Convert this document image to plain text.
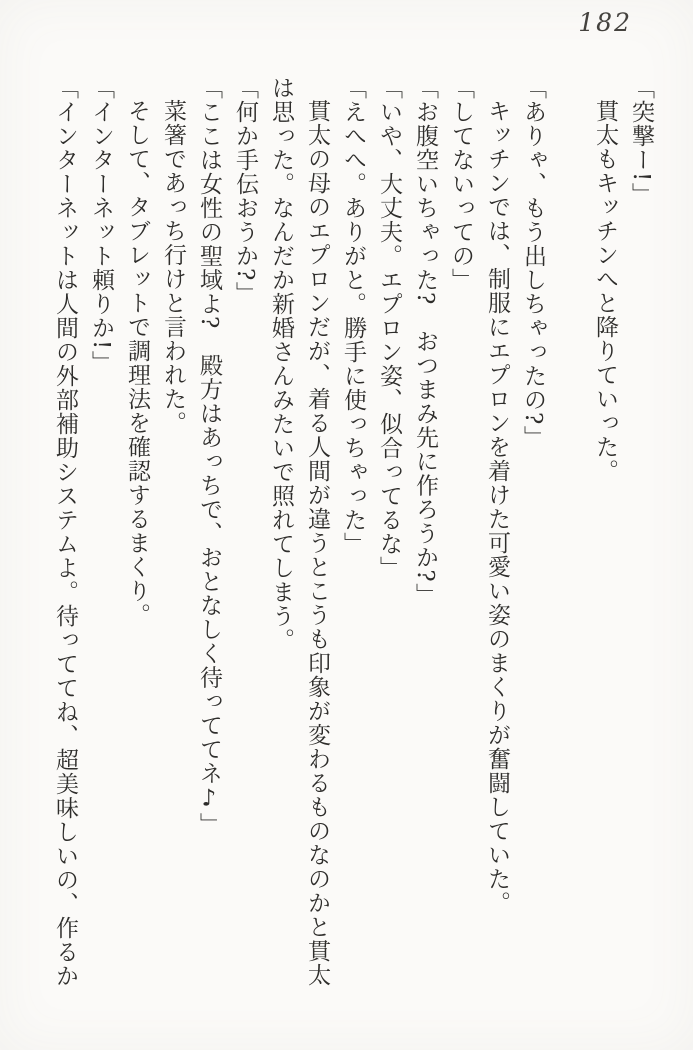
182

「突撃ー!」

貫太もキッチンへと降りていった。

「ありゃ、もう出しちゃったの?」

キッチンでは、制服にエプロンを着けた可愛い姿のまくりが奮闘していた。

「してないっての」

「お腹空いちゃった?　おつまみ先に作ろうか?」

「いや、大丈夫。エプロン姿、似合ってるな」

「えへへ。ありがと。勝手に使っちゃった」

貫太の母のエプロンだが、着る人間が違うとこうも印象が変わるものなのかと貫太は思った。なんだか新婚さんみたいで照れてしまう。

「何か手伝おうか?」

「ここは女性の聖域よ?　殿方はあっちで、おとなしく待っててネ♪」

菜箸であっち行けと言われた。

そして、タブレットで調理法を確認するまくり。

「インターネット頼りか!」

「インターネットは人間の外部補助システムよ。待っててね、超美味しいの、作るか
